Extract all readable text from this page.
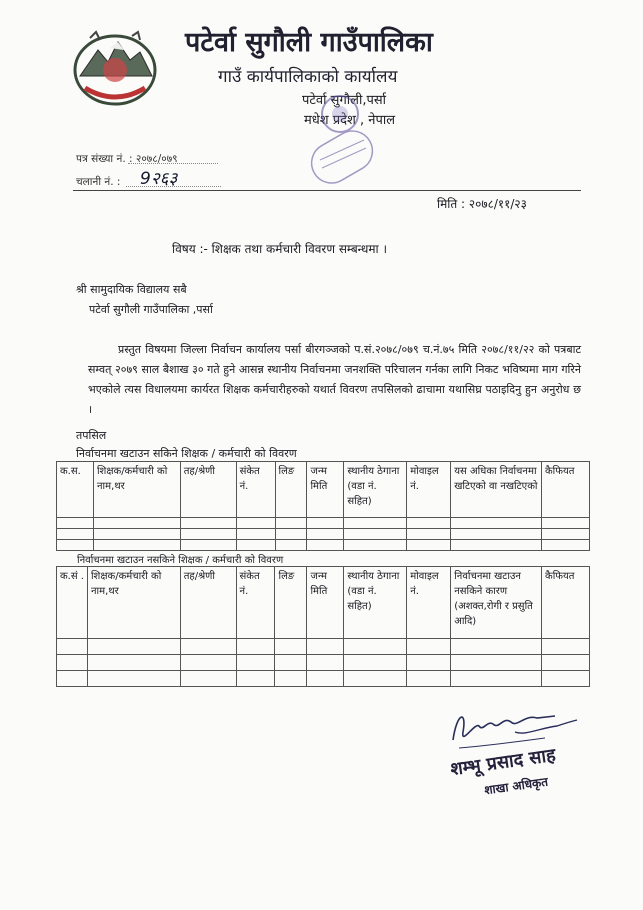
पटेर्वा सुगौली गाउँपालिका
गाउँ कार्यपालिकाको कार्यालय
पटेर्वा सुगौली,पर्सा
मधेश प्रदेश , नेपाल
पत्र संख्या नं. : २०७८/०७९
चलानी नं. : 9२६३
मिति : २०७८/११/२३
विषय :- शिक्षक तथा कर्मचारी विवरण सम्बन्धमा ।
श्री सामुदायिक विद्यालय सबै
पटेर्वा सुगौली गाउँपालिका ,पर्सा
प्रस्तुत विषयमा जिल्ला निर्वाचन कार्यालय पर्सा बीरगञ्जको प.सं.२०७८/०७९ च.नं.७५ मिति २०७८/११/२२ को पत्रबाट सम्वत् २०७९ साल बैशाख ३० गते हुने आसन्न स्थानीय निर्वाचनमा जनशक्ति परिचालन गर्नका लागि निकट भविष्यमा माग गरिने भएकोले त्यस विधालयमा कार्यरत शिक्षक कर्मचारीहरुको यथार्त विवरण तपसिलको ढाचामा यथासिघ्र पठाइदिनु हुन अनुरोध छ ।
तपसिल
निर्वाचनमा खटाउन सकिने शिक्षक / कर्मचारी को विवरण
क.स.	शिक्षक/कर्मचारी को नाम,थर	तह/श्रेणी	संकेत नं.	लिङ	जन्म मिति	स्थानीय ठेगाना (वडा नं. सहित)	मोवाइल नं.	यस अधिका निर्वाचनमा खटिएको वा नखटिएको	कैफियत

निर्वाचनमा खटाउन नसकिने शिक्षक / कर्मचारी को विवरण
क.सं .	शिक्षक/कर्मचारी को नाम,थर	तह/श्रेणी	संकेत नं.	लिङ	जन्म मिति	स्थानीय ठेगाना (वडा नं. सहित)	मोवाइल नं.	निर्वाचनमा खटाउन नसकिने कारण (अशक्त,रोगी र प्रसुति आदि)	कैफियत

शम्भू प्रसाद साह
शाखा अधिकृत
